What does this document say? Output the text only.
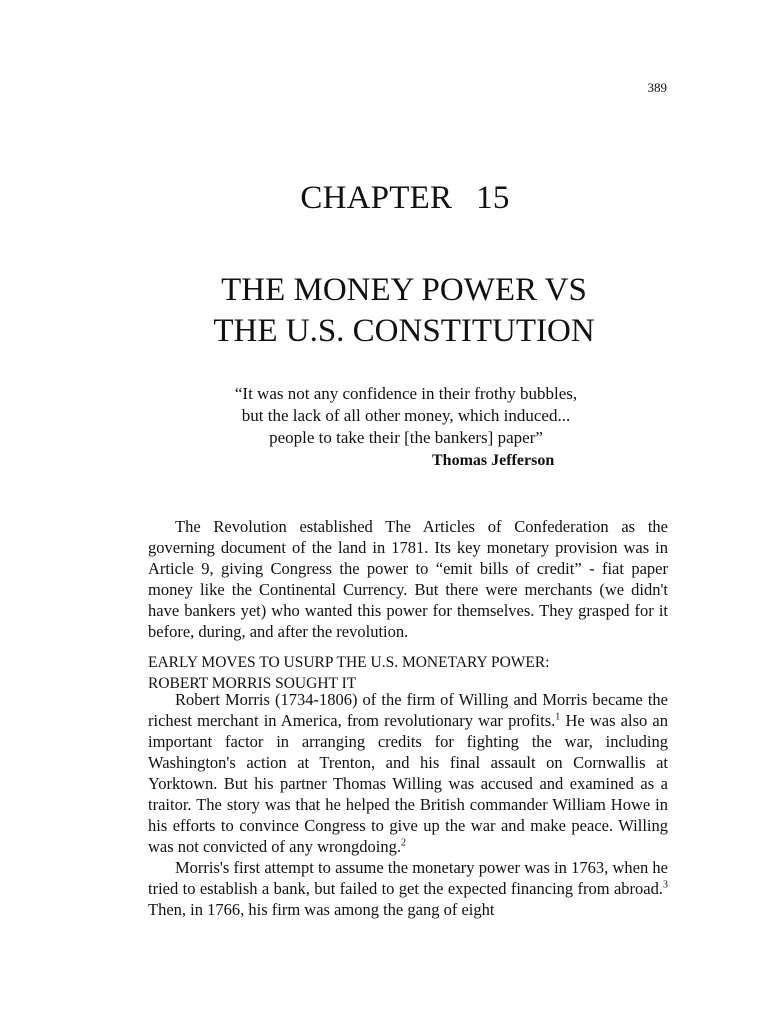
389
CHAPTER 15
THE MONEY POWER VS
THE U.S. CONSTITUTION
“It was not any confidence in their frothy bubbles,
but the lack of all other money, which induced...
people to take their [the bankers] paper”
Thomas Jefferson

The Revolution established The Articles of Confederation as the governing document of the land in 1781. Its key monetary provision was in Article 9, giving Congress the power to “emit bills of credit” - fiat paper money like the Continental Currency. But there were merchants (we didn't have bankers yet) who wanted this power for themselves. They grasped for it before, during, and after the revolution.

EARLY MOVES TO USURP THE U.S. MONETARY POWER:
ROBERT MORRIS SOUGHT IT

Robert Morris (1734-1806) of the firm of Willing and Morris became the richest merchant in America, from revolutionary war profits.$^1$ He was also an important factor in arranging credits for fighting the war, including Washington's action at Trenton, and his final assault on Cornwallis at Yorktown. But his partner Thomas Willing was accused and examined as a traitor. The story was that he helped the British commander William Howe in his efforts to convince Congress to give up the war and make peace. Willing was not convicted of any wrongdoing.$^2$

Morris's first attempt to assume the monetary power was in 1763, when he tried to establish a bank, but failed to get the expected financing from abroad.$^3$ Then, in 1766, his firm was among the gang of eight
